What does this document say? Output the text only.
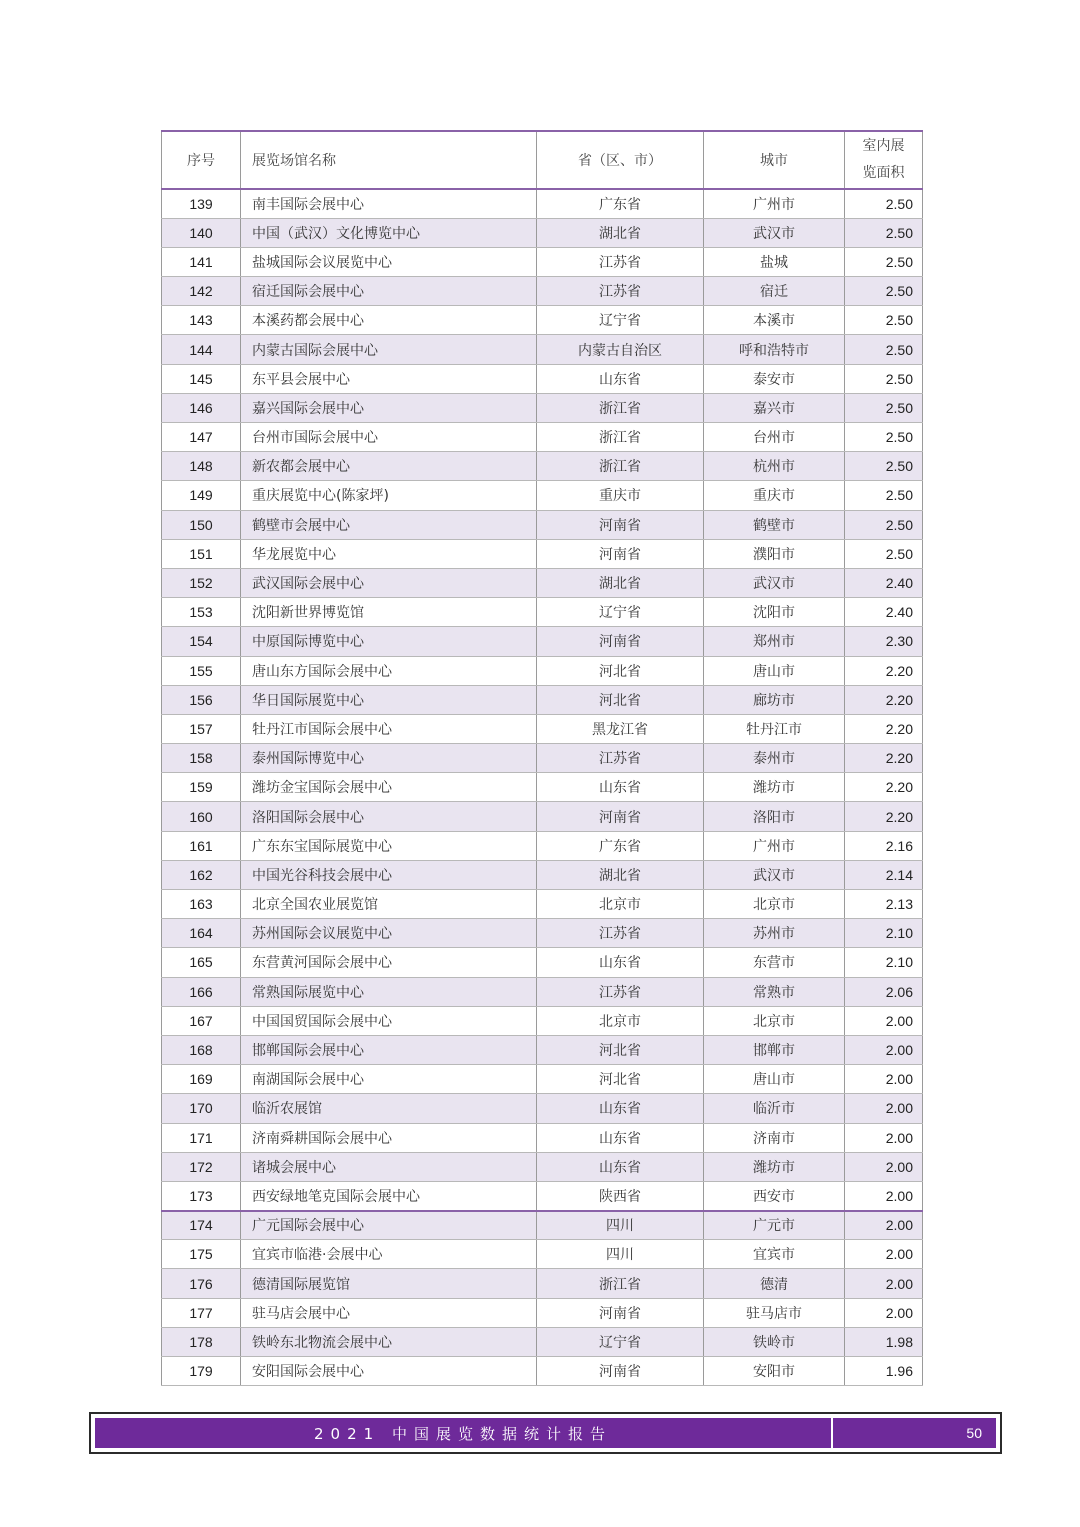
序号	展览场馆名称	省（区、市）	城市	室内展
览面积
139	南丰国际会展中心	广东省	广州市	2.50
140	中国（武汉）文化博览中心	湖北省	武汉市	2.50
141	盐城国际会议展览中心	江苏省	盐城	2.50
142	宿迁国际会展中心	江苏省	宿迁	2.50
143	本溪药都会展中心	辽宁省	本溪市	2.50
144	内蒙古国际会展中心	内蒙古自治区	呼和浩特市	2.50
145	东平县会展中心	山东省	泰安市	2.50
146	嘉兴国际会展中心	浙江省	嘉兴市	2.50
147	台州市国际会展中心	浙江省	台州市	2.50
148	新农都会展中心	浙江省	杭州市	2.50
149	重庆展览中心(陈家坪)	重庆市	重庆市	2.50
150	鹤壁市会展中心	河南省	鹤壁市	2.50
151	华龙展览中心	河南省	濮阳市	2.50
152	武汉国际会展中心	湖北省	武汉市	2.40
153	沈阳新世界博览馆	辽宁省	沈阳市	2.40
154	中原国际博览中心	河南省	郑州市	2.30
155	唐山东方国际会展中心	河北省	唐山市	2.20
156	华日国际展览中心	河北省	廊坊市	2.20
157	牡丹江市国际会展中心	黑龙江省	牡丹江市	2.20
158	泰州国际博览中心	江苏省	泰州市	2.20
159	潍坊金宝国际会展中心	山东省	潍坊市	2.20
160	洛阳国际会展中心	河南省	洛阳市	2.20
161	广东东宝国际展览中心	广东省	广州市	2.16
162	中国光谷科技会展中心	湖北省	武汉市	2.14
163	北京全国农业展览馆	北京市	北京市	2.13
164	苏州国际会议展览中心	江苏省	苏州市	2.10
165	东营黄河国际会展中心	山东省	东营市	2.10
166	常熟国际展览中心	江苏省	常熟市	2.06
167	中国国贸国际会展中心	北京市	北京市	2.00
168	邯郸国际会展中心	河北省	邯郸市	2.00
169	南湖国际会展中心	河北省	唐山市	2.00
170	临沂农展馆	山东省	临沂市	2.00
171	济南舜耕国际会展中心	山东省	济南市	2.00
172	诸城会展中心	山东省	潍坊市	2.00
173	西安绿地笔克国际会展中心	陕西省	西安市	2.00
174	广元国际会展中心	四川	广元市	2.00
175	宜宾市临港·会展中心	四川	宜宾市	2.00
176	德清国际展览馆	浙江省	德清	2.00
177	驻马店会展中心	河南省	驻马店市	2.00
178	铁岭东北物流会展中心	辽宁省	铁岭市	1.98
179	安阳国际会展中心	河南省	安阳市	1.96
2021 中国展览数据统计报告	50
